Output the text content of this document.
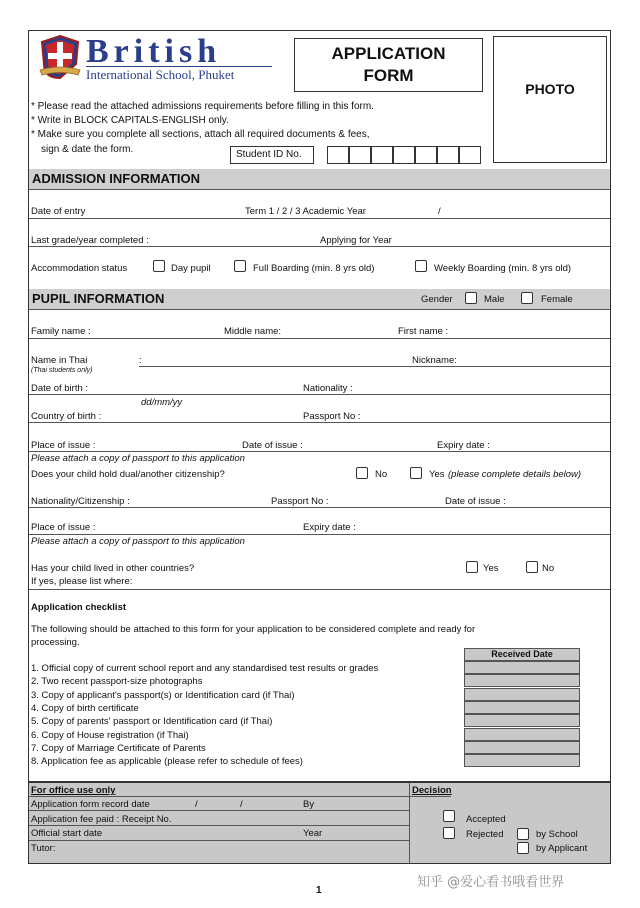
British
International School, Phuket
APPLICATION
FORM
PHOTO
* Please read the attached admissions requirements before filling in this form.
* Write in BLOCK CAPITALS-ENGLISH only.
* Make sure you complete all sections, attach all required documents & fees,
sign & date the form.	Student ID No.
ADMISSION INFORMATION
Date of entry	Term 1 / 2 / 3 Academic Year	/
Last grade/year completed :	Applying for Year
Accommodation status	Day pupil	Full Boarding (min. 8 yrs old)	Weekly Boarding (min. 8 yrs old)
PUPIL INFORMATION	Gender	Male	Female
Family name :	Middle name:	First name :
Name in Thai	:
(Thai students only)
Nickname:
Date of birth :	Nationality :
dd/mm/yy
Country of birth :	Passport No :
Place of issue :	Date of issue :	Expiry date :
Please attach a copy of passport to this application
Does your child hold dual/another citizenship?	No	Yes (please complete details below)
Nationality/Citizenship :	Passport No :	Date of issue :
Place of issue :	Expiry date :
Please attach a copy of passport to this application
Has your child lived in other countries?
If yes, please list where:
Yes	No
Application checklist
The following should be attached to this form for your application to be considered complete and ready for
processing.
Received Date
1. Official copy of current school report and any standardised test results or grades
2. Two recent passport-size photographs
3. Copy of applicant's passport(s) or Identification card (if Thai)
4. Copy of birth certificate
5. Copy of parents' passport or Identification card (if Thai)
6. Copy of House registration (if Thai)
7. Copy of Marriage Certificate of Parents
8. Application fee as applicable (please refer to schedule of fees)
For office use only
Application form record date	/	/	By
Application fee paid : Receipt No.
Official start date	Year
Tutor:
Decision
Accepted
Rejected	by School
by Applicant
1
知乎 @爱心看书哦看世界
